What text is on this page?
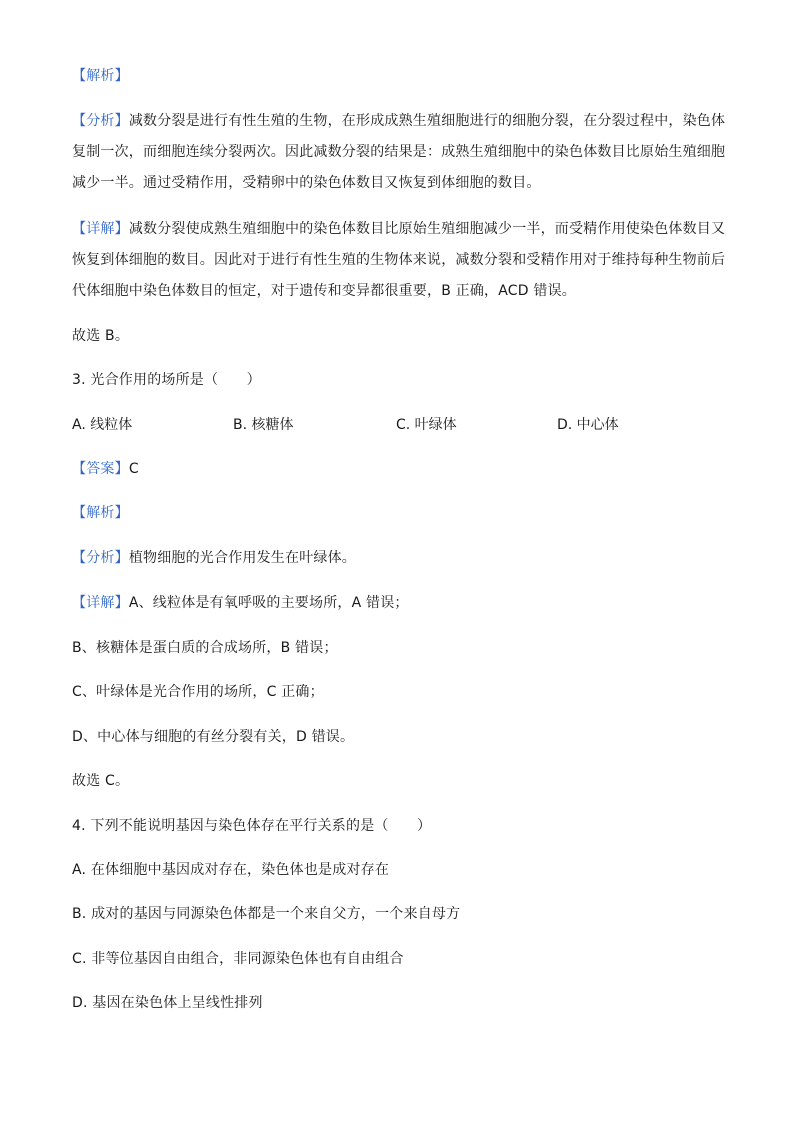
【解析】
【分析】减数分裂是进行有性生殖的生物，在形成成熟生殖细胞进行的细胞分裂，在分裂过程中，染色体
复制一次，而细胞连续分裂两次。因此减数分裂的结果是：成熟生殖细胞中的染色体数目比原始生殖细胞
减少一半。通过受精作用，受精卵中的染色体数目又恢复到体细胞的数目。
【详解】减数分裂使成熟生殖细胞中的染色体数目比原始生殖细胞减少一半，而受精作用使染色体数目又
恢复到体细胞的数目。因此对于进行有性生殖的生物体来说，减数分裂和受精作用对于维持每种生物前后
代体细胞中染色体数目的恒定，对于遗传和变异都很重要，B 正确，ACD 错误。
故选 B。
3. 光合作用的场所是（　　）
A. 线粒体	B. 核糖体	C. 叶绿体	D. 中心体
【答案】C
【解析】
【分析】植物细胞的光合作用发生在叶绿体。
【详解】A、线粒体是有氧呼吸的主要场所，A 错误；
B、核糖体是蛋白质的合成场所，B 错误；
C、叶绿体是光合作用的场所，C 正确；
D、中心体与细胞的有丝分裂有关，D 错误。
故选 C。
4. 下列不能说明基因与染色体存在平行关系的是（　　）
A. 在体细胞中基因成对存在，染色体也是成对存在
B. 成对的基因与同源染色体都是一个来自父方，一个来自母方
C. 非等位基因自由组合，非同源染色体也有自由组合
D. 基因在染色体上呈线性排列
